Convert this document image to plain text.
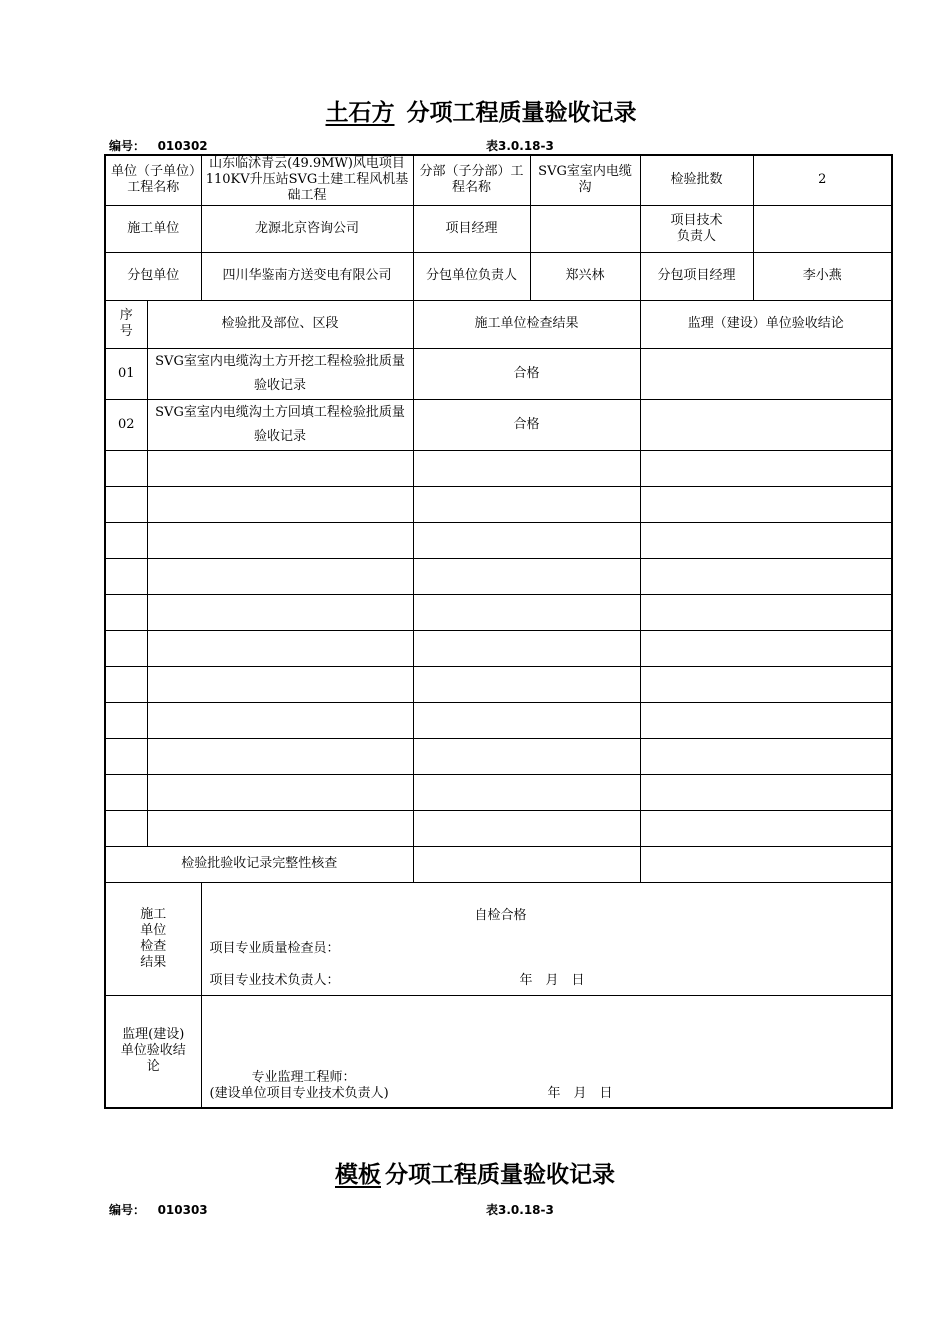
土石方 分项工程质量验收记录
编号： 010302	表3.0.18-3
单位（子单位）工程名称		山东临沭青云(49.9MW)风电项目110KV升压站SVG土建工程风机基础工程	分部（子分部）工程名称	SVG室室内电缆沟	检验批数	2
施工单位		龙源北京咨询公司	项目经理		项目技术负责人	
分包单位		四川华鉴南方送变电有限公司	分包单位负责人	郑兴林	分包项目经理	李小燕
序号	检验批及部位、区段		施工单位检查结果		监理（建设）单位验收结论	
01	SVG室室内电缆沟土方开挖工程检验批质量验收记录		合格			
02	SVG室室内电缆沟土方回填工程检验批质量验收记录		合格			

检验批验收记录完整性核查						
施工单位检查结果		自检合格
项目专业质量检查员：
项目专业技术负责人： 年　月　日				

监理(建设)单位验收结论		专业监理工程师：
(建设单位项目专业技术负责人) 年　月　日				
模板 分项工程质量验收记录
编号： 010303	表3.0.18-3
